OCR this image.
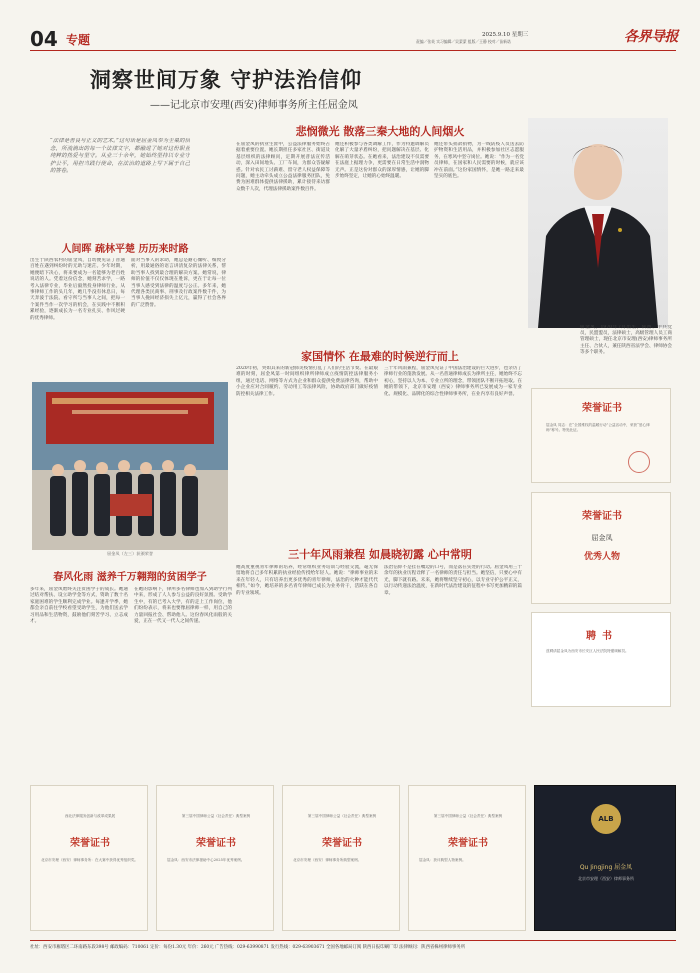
04 专题	2025.9.10 星期三
责编／张英 实习编辑／吴蒙蒙 组版／王静 校对／苗新诺	各界导报
洞察世间万象 守护法治信仰
——记北京市安理(西安)律师事务所主任屈金凤
屈金凤，1970年7月出生，陕西、中共党员，民盟盟员，法律硕士，高级管理人员工商管理硕士，现任北京市安理(西安)律师事务所主任、合伙人，兼任陕西省法学会、律师协会等多个职务。
“法律是善良与正义的艺术。”这句话是屈金凤奉为圭臬的信念，所流淌出的每一个法律文字，都融进了她对这份职业纯粹的热爱与坚守。从业三十余年，她始终坚持以专业守护公平，用担当践行使命，在法治的道路上写下属于自己的答卷。
人间晖 疏林平楚 历历来时路
出生于陕西农村的屈金凤，自幼便见证了普通百姓在遇到纠纷时的无助与迷茫。少年时期，她便暗下决心，将来要成为一名能够为老百姓说话的人。凭着这份信念，她刻苦求学，一路考入法律专业，毕业后毅然投身律师行业。从事律师工作的头几年，她几乎没有休息日，每天奔波于法院、看守所与当事人之间，把每一个案件当作一次学习的机会，在实践中不断积累经验，逐渐成长为一名专业扎实、作风过硬的优秀律师。
面对当事人的求助，她总是耐心倾听、细致分析，用最通俗的语言讲清复杂的法律关系，帮助当事人找到最合理的解决方案。她常说，律师的价值不仅仅体现在胜诉，更在于让每一位当事人感受到法律的温度与公正。多年来，她代理各类民商事、刑事及行政案件数千件，为当事人挽回经济损失上亿元，赢得了社会各界的广泛赞誉。
屈金凤（左三）获颁荣誉
春风化雨 滋养千万翱翔的贫困学子
多年来，屈金凤始终关注贫困学子的成长。她通过结对帮扶、设立助学金等方式，资助了数十名家庭困难的学生顺利完成学业。每逢开学季，她都会亲自前往学校看望受助学生，为他们送去学习用品和生活物资，鼓励他们刻苦学习、立志成才。
在她的影响下，律所多名律师也加入到助学行列中来，形成了人人参与公益的良好氛围。受助学生中，有的已考入大学，有的走上工作岗位，他们纷纷表示，将来也要像屈律师一样，用自己的力量回报社会、帮助他人。这份春风化雨般的关爱，正在一代又一代人之间传递。
悲悯微光 散落三秦大地的人间烟火
在屈金凤的执业生涯中，公益法律服务始终占据着重要位置。她长期担任多家社区、街道及基层组织的法律顾问，定期开展普法宣传活动，深入田间地头、工厂车间，为群众答疑解惑。针对农民工讨薪难、留守老人权益保障等问题，她主动牵头成立公益法律服务团队，免费为困难群体提供法律援助，累计接待来访群众数千人次，代理法律援助案件数百件。
她还积极参与各类调解工作，作为特邀调解员化解了大量矛盾纠纷，把问题解决在基层、化解在萌芽状态。在她看来，法治建设不仅需要在法庭上据理力争，更需要在日常生活中润物无声。正是这份对群众的深厚情感，让她的脚步始终坚定，让她的心始终温暖。
她还带头捐款捐物，为一线防疫人员送去防护物资和生活用品，并积极参加社区志愿服务，在寒风中坚守岗位。她说：“作为一名党员律师，在国家和人民需要的时候，就应该冲在前面。”这份家国情怀，是她一路走来最坚实的底色。
家国情怀 在最难的时候逆行而上
2020年初，突如其来的新冠肺炎疫情打乱了人们的生活节奏。在最艰难的时刻，屈金凤第一时间组织律所律师成立疫情防控法律服务小组，通过电话、网络等方式为企业和群众提供免费法律咨询，帮助中小企业应对合同履约、劳动用工等法律风险，协助政府部门做好疫情防控相关法律工作。
三十年风雨兼程，屈金凤见证了中国法治建设的巨大进步，也亲历了律师行业的蓬勃发展。从一名普通律师成长为律所主任，她始终不忘初心，坚持以人为本、专业立所的理念，带领团队不断开拓进取。在她的带领下，北京市安理（西安）律师事务所已发展成为一家专业化、规模化、品牌化的综合性律师事务所，在业内享有良好声誉。
三十年风雨兼程 如晨晓初露 心中常明
她高度重视青年律师的培养，经常组织业务培训与经验交流，毫无保留地将自己多年积累的执业经验传授给年轻人。她说：“律师事业的未来在年轻人，只有培养出更多优秀的青年律师，法治的火种才能代代相传。”如今，她培养的多名青年律师已成长为业务骨干，活跃在各自的专业领域。
法治信仰不是挂在嘴边的口号，而是落在实处的行动。屈金凤用三十余年的执业历程诠释了一名律师的责任与担当。她坚信，只要心中有光，脚下就有路。未来，她将继续坚守初心，以专业守护公平正义，以行动传递法治温度，在新时代法治建设的征程中书写更加精彩的篇章。
荣誉证书
屈金凤 同志：在“全国维权的温暖行动”公益活动中，荣获“爱心律师”称号。特发此证。
荣誉证书
屈金凤
优秀人物
聘书
兹聘请屈金凤为西安市长安区人民法院特邀调解员。
西北法律服务创新与改革成果展
荣誉证书
北京市安理（西安）律师事务所：在大赛中获得优秀组织奖。
第三届中国律师公益（社会责任）典型案例
荣誉证书
屈金凤：西安市法律援助中心2025年优秀案例。
第三届中国律师公益（社会责任）典型案例
荣誉证书
北京市安理（西安）律师事务所典型案例。
第三届中国律师公益（社会责任）典型案例
荣誉证书
屈金凤：获评典型人物案例。
ALB
Qu Jingjing 屈金凤
北京市安理（西安）律师事务所
社址：西安市雁塔区二环南路东段398号 邮政编码：710061 定价：每份1.30元 年价：260元 广告热线：029-63990871 发行热线：029-63903671 全国各地邮局订阅 陕西日报印刷厂印 法律顾问：陕西省株州律师事务所
